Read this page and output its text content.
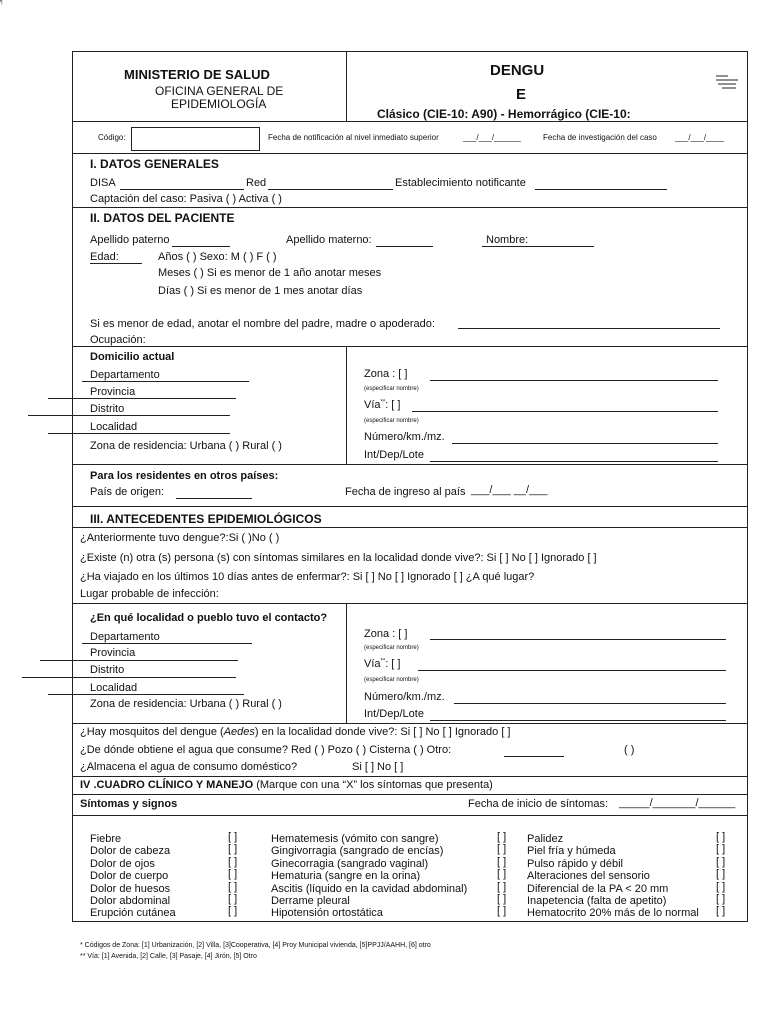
¶
MINISTERIO DE SALUD
OFICINA GENERAL DE
EPIDEMIOLOGÍA
DENGU
E
Clásico (CIE-10: A90) - Hemorrágico (CIE-10:
Código:	Fecha de notificación al nivel inmediato superior	___/___/______	Fecha de investigación del caso ___/___/____
I. DATOS GENERALES
DISA	Red	Establecimiento notificante
Captación del caso: Pasiva ( ) Activa ( )
II. DATOS DEL PACIENTE
Apellido paterno	Apellido materno:	Nombre:
Edad:	Años ( ) Sexo: M ( ) F ( )
Meses ( ) Si es menor de 1 año anotar meses
Días ( ) Si es menor de 1 mes anotar días
Si es menor de edad, anotar el nombre del padre, madre o apoderado:
Ocupación:
Domicilio actual
Departamento
Provincia
Distrito
Localidad
Zona de residencia: Urbana ( ) Rural ( )
Zona : [ ]
(especificar nombre)
Vía**: [ ]
(especificar nombre)
Número/km./mz.
Int/Dep/Lote
Para los residentes en otros países:
País de origen:	Fecha de ingreso al país ___/___ __/___
III. ANTECEDENTES EPIDEMIOLÓGICOS
¿Anteriormente tuvo dengue?:Si ( )No ( )
¿Existe (n) otra (s) persona (s) con síntomas similares en la localidad donde vive?: Si [ ] No [ ] Ignorado [ ]
¿Ha viajado en los últimos 10 días antes de enfermar?: Si [ ] No [ ] Ignorado [ ] ¿A qué lugar?
Lugar probable de infección:
¿En qué localidad o pueblo tuvo el contacto?
Departamento
Provincia
Distrito
Localidad
Zona de residencia: Urbana ( ) Rural ( )
Zona : [ ]
(especificar nombre)
Vía**: [ ]
(especificar nombre)
Número/km./mz.
Int/Dep/Lote
¿Hay mosquitos del dengue (Aedes) en la localidad donde vive?: Si [ ] No [ ] Ignorado [ ]
¿De dónde obtiene el agua que consume? Red ( ) Pozo ( ) Cisterna ( ) Otro:	( )
¿Almacena el agua de consumo doméstico?	Si [ ] No [ ]
IV .CUADRO CLÍNICO Y MANEJO (Marque con una “X” los síntomas que presenta)
Síntomas y signos	Fecha de inicio de síntomas: _____/_______/______
Fiebre	[ ]
Dolor de cabeza	[ ]
Dolor de ojos	[ ]
Dolor de cuerpo	[ ]
Dolor de huesos	[ ]
Dolor abdominal	[ ]
Erupción cutánea	[ ]
Hematemesis (vómito con sangre)	[ ]
Gingivorragia (sangrado de encías)	[ ]
Ginecorragia (sangrado vaginal)	[ ]
Hematuria (sangre en la orina)	[ ]
Ascitis (líquido en la cavidad abdominal)	[ ]
Derrame pleural	[ ]
Hipotensión ortostática	[ ]
Palidez	[ ]
Piel fría y húmeda	[ ]
Pulso rápido y débil	[ ]
Alteraciones del sensorio	[ ]
Diferencial de la PA < 20 mm	[ ]
Inapetencia (falta de apetito)	[ ]
Hematocrito 20% más de lo normal [ ]
* Códigos de Zona: [1] Urbanización, [2] Villa, [3]Cooperativa, [4] Proy Municipal vivienda, [5]PPJJ/AAHH, [6] otro
** Vía: [1] Avenida, [2] Calle, [3] Pasaje, [4] Jirón, [5] Otro
